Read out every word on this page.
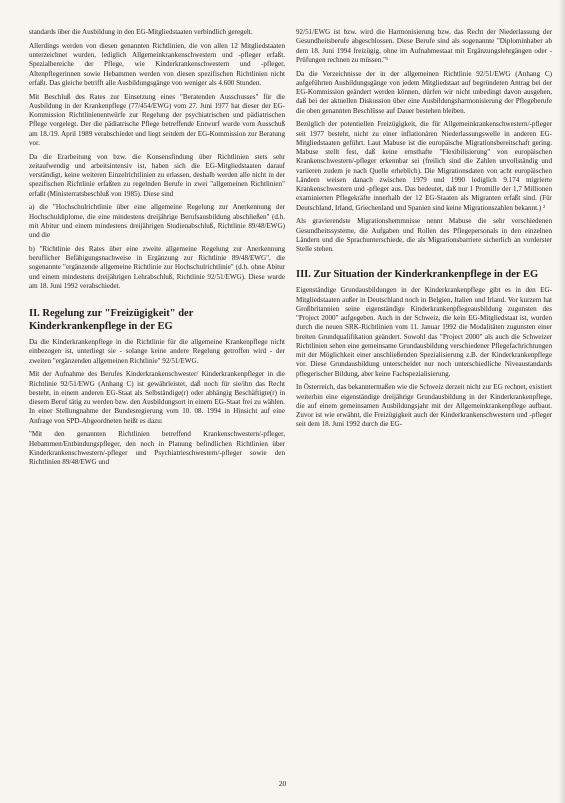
standards über die Ausbildung in den EG-Mitgliedstaaten verbindlich geregelt.

Allerdings werden von diesen genannten Richtlinien, die von allen 12 Mitgliedstaaten unterzeichnet wurden, lediglich Allgemeinkrankenschwestern und -pfleger erfaßt. Spezialbereiche der Pflege, wie Kinderkrankenschwestern und -pfleger, Altenpflegerinnen sowie Hebammen werden von diesen spezifischen Richtlinien nicht erfaßt. Das gleiche betrifft alle Ausbildungsgänge von weniger als 4.600 Stunden.

Mit Beschluß des Rates zur Einsetzung eines "Beratenden Ausschusses" für die Ausbildung in der Krankenpflege (77/454/EWG) vom 27. Juni 1977 hat dieser der EG-Kommission Richtlinienentwürfe zur Regelung der psychiatrischen und pädiatrischen Pflege vorgelegt. Der die pädiatrische Pflege betreffende Entwurf wurde vom Ausschuß am 18./19. April 1989 verabschiedet und liegt seitdem der EG-Kommission zur Beratung vor.

Da die Erarbeitung von bzw. die Konsensfindung über Richtlinien stets sehr zeitaufwendig und arbeitsintensiv ist, haben sich die EG-Mitgliedstaaten darauf verständigt, keine weiteren Einzelrichtlinien zu erlassen, deshalb werden alle nicht in der spezifischen Richtlinie erfaßten zu regelnden Berufe in zwei "allgemeinen Richtlinien" erfaßt (Ministerratsbeschluß von 1985). Diese sind

a) die "Hochschulrichtlinie über eine allgemeine Regelung zur Anerkennung der Hochschuldiplome, die eine mindestens dreijährige Berufsausbildung abschließen" (d.h. mit Abitur und einem mindestens dreijährigen Studienabschluß, Richtlinie 89/48/EWG) und die

b) "Richtlinie des Rates über eine zweite allgemeine Regelung zur Anerkennung beruflicher Befähigungsnachweise in Ergänzung zur Richtlinie 89/48/EWG", die sogenannte "ergänzende allgemeine Richtlinie zur Hochschulrichtlinie" (d.h. ohne Abitur und einem mindestens dreijährigen Lehrabschluß, Richtlinie 92/51/EWG). Diese wurde am 18. Juni 1992 verabschiedet.

II. Regelung zur "Freizügigkeit" der Kinderkrankenpflege in der EG

Da die Kinderkrankenpflege in die Richtlinie für die allgemeine Krankenpflege nicht einbezogen ist, unterliegt sie - solange keine andere Regelung getroffen wird - der zweiten "ergänzenden allgemeinen Richtlinie" 92/51/EWG.

Mit der Aufnahme des Berufes Kinderkrankenschwester/ Kinderkrankenpfleger in die Richtlinie 92/51/EWG (Anhang C) ist gewährleistet, daß noch für sie/ihn das Recht besteht, in einem anderen EG-Staat als Selbständige(r) oder abhängig Beschäftigte(r) in diesem Beruf tätig zu werden bzw. den Ausbildungsort in einem EG-Staat frei zu wählen. In einer Stellungnahme der Bundesregierung vom 10. 08. 1994 in Hinsicht auf eine Anfrage von SPD-Abgeordneten heißt es dazu:

"Mit den genannten Richtlinien betreffend Krankenschwestern/-pfleger, Hebammen/Entbindungspfleger, den noch in Planung befindlichen Richtlinien über Kinderkrankenschwestern/-pfleger und Psychiatrieschwestern/-pfleger sowie den Richtlinien 89/48/EWG und

92/51/EWG ist bzw. wird die Harmonisierung bzw. das Recht der Niederlassung der Gesundheitsberufe abgeschlossen. Diese Berufe sind als sogenannte "Diplominhaber ab dem 18. Juni 1994 freizügig, ohne im Aufnahmestaat mit Ergänzungslehrgängen oder -Prüfungen rechnen zu müssen."¹

Da die Verzeichnisse der in der allgemeinen Richtlinie 92/51/EWG (Anhang C) aufgeführten Ausbildungsgänge von jedem Mitgliedstaat auf begründeten Antrag bei der EG-Kommission geändert werden können, dürfen wir nicht unbedingt davon ausgehen, daß bei der aktuellen Diskussion über eine Ausbildungsharmonisierung der Pflegeberufe die oben genannten Beschlüsse auf Dauer bestehen bleiben.

Bezüglich der potentiellen Freizügigkeit, die für Allgemeinkrankenschwestern/-pfleger seit 1977 besteht, nicht zu einer inflationären Niederlassungswelle in anderen EG-Mitgliedstaaten geführt. Laut Mabuse ist die europäische Migrationsbereitschaft gering. Mabuse stellt fest, daß keine ernsthafte "Flexibilisierung" von europäischen Krankenschwestern/-pfleger erkennbar sei (freilich sind die Zahlen unvollständig und variieren zudem je nach Quelle erheblich). Die Migrationsdaten von acht europäischen Ländern weisen danach zwischen 1979 und 1990 lediglich 9.174 migrierte Krankenschwestern und -pfleger aus. Das bedeutet, daß nur 1 Promille der 1,7 Millionen examinierten Pflegekräfte innerhalb der 12 EG-Staaten als Migranten erfaßt sind. (Für Deutschland, Irland, Griechenland und Spanien sind keine Migrationszahlen bekannt.) ²

Als gravierendste Migrationshemmnisse nennt Mabuse die sehr verschiedenen Gesundheitssysteme, die Aufgaben und Rollen des Pflegepersonals in den einzelnen Ländern und die Sprachunterschiede, die als Migrationsbarriere sicherlich an vorderster Stelle stehen.

III. Zur Situation der Kinderkrankenpflege in der EG

Eigenständige Grundausbildungen in der Kinderkrankenpflege gibt es in den EG-Mitgliedstaaten außer in Deutschland noch in Belgien, Italien und Irland. Vor kurzem hat Großbritannien seine eigenständige Kinderkrankenpflegeausbildung zugunsten des "Project 2000" aufgegeben. Auch in der Schweiz, die kein EG-Mitgliedstaat ist, wurden durch die neuen SRK-Richtlinien vom 11. Januar 1992 die Modalitäten zugunsten einer breiten Grundqualifikation geändert. Sowohl das "Project 2000" als auch die Schweizer Richtlinien sehen eine gemeinsame Grundausbildung verschiedener Pflegefachrichtungen mit der Möglichkeit einer anschließenden Spezialisierung z.B. der Kinderkrankenpflege vor. Diese Grundausbildung unterscheidet nur noch unterschiedliche Niveaustandards pflegerischer Bildung, aber keine Fachspezialisierung.

In Österreich, das bekanntermaßen wie die Schweiz derzeit nicht zur EG rechnet, existiert weiterhin eine eigenständige dreijährige Grundausbildung in der Kinderkrankenpflege, die auf einem gemeinsamen Ausbildungsjahr mit der Allgemeinkrankenpflege aufbaut. Zuvor ist wie erwähnt, die Freizügigkeit auch der Kinderkrankenschwestern und -pfleger seit dem 18. Juni 1992 durch die EG-

20
